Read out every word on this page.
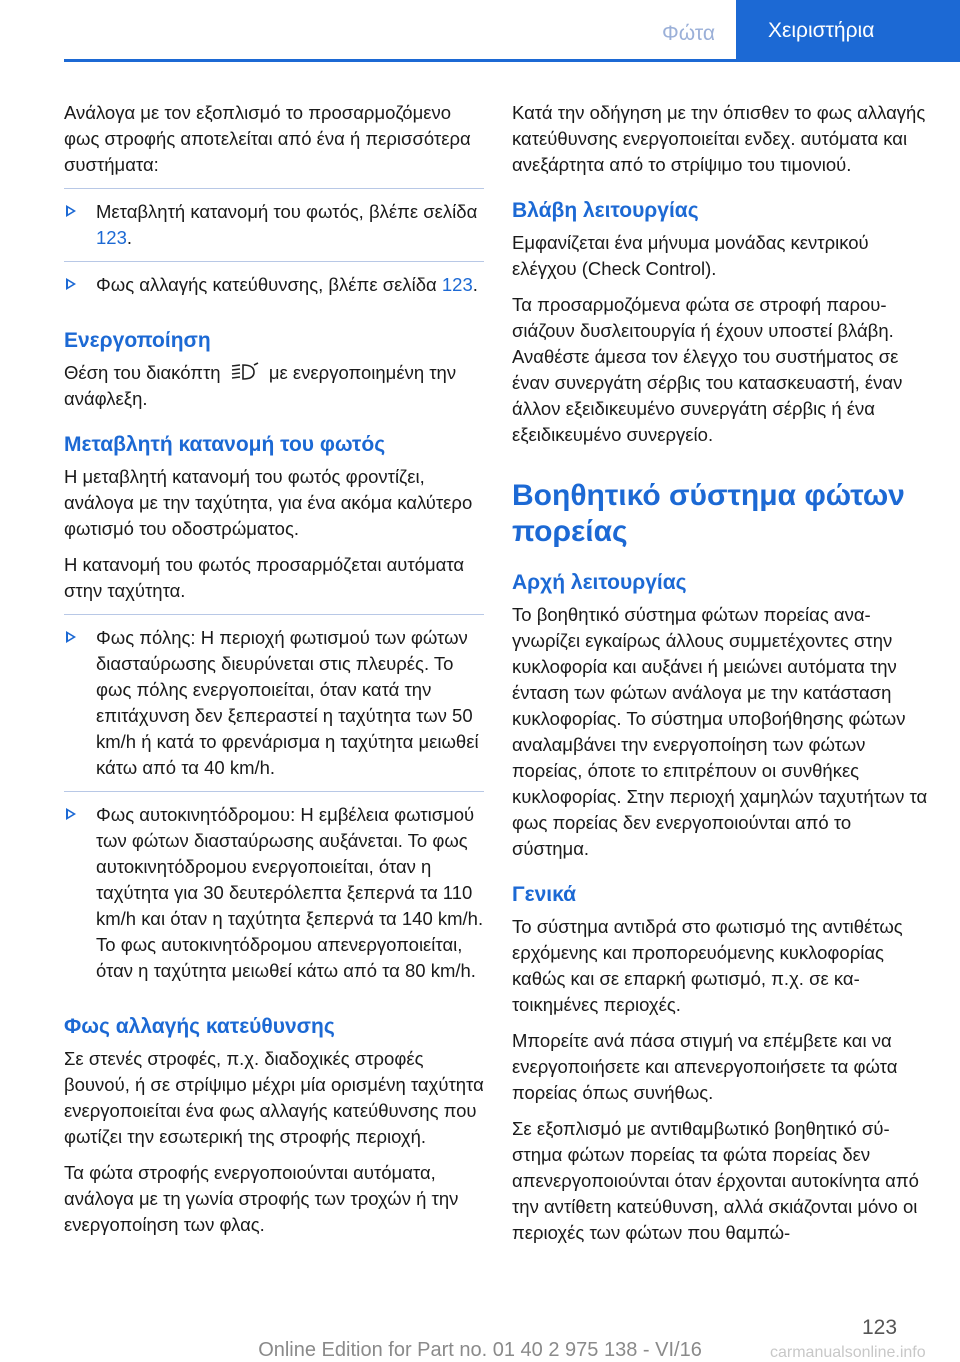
Φώτα	Χειριστήρια

Ανάλογα με τον εξοπλισμό το προσαρμοζόμενο φως στροφής αποτελείται από ένα ή περισσότερα συστήματα:

Μεταβλητή κατανομή του φωτός, βλέπε σελίδα 123.
Φως αλλαγής κατεύθυνσης, βλέπε σελίδα 123.
Ενεργοποίηση

Θέση του διακόπτη	με ενεργοποιημένη την ανάφλεξη.

Μεταβλητή κατανομή του φωτός

Η μεταβλητή κατανομή του φωτός φροντίζει, ανάλογα με την ταχύτητα, για ένα ακόμα καλύτερο φωτισμό του οδοστρώματος.

Η κατανομή του φωτός προσαρμόζεται αυτόματα στην ταχύτητα.

Φως πόλης: Η περιοχή φωτισμού των φώτων διασταύρωσης διευρύνεται στις πλευρές. Το φως πόλης ενεργοποιείται, όταν κατά την επιτάχυνση δεν ξεπεραστεί η ταχύτητα των 50 km/h ή κατά το φρενάρισμα η ταχύτητα μειωθεί κάτω από τα 40 km/h.
Φως αυτοκινητόδρομου: Η εμβέλεια φωτισμού των φώτων διασταύρωσης αυξάνεται. Το φως αυτοκινητόδρομου ενεργοποιείται, όταν η ταχύτητα για 30 δευτερόλεπτα ξεπερνά τα 110 km/h και όταν η ταχύτητα ξεπερνά τα 140 km/h. Το φως αυτοκινητόδρομου απενεργοποιείται, όταν η ταχύτητα μειωθεί κάτω από τα 80 km/h.
Φως αλλαγής κατεύθυνσης

Σε στενές στροφές, π.χ. διαδοχικές στροφές βουνού, ή σε στρίψιμο μέχρι μία ορισμένη ταχύτητα ενεργοποιείται ένα φως αλλαγής κατεύθυνσης που φωτίζει την εσωτερική της στροφής περιοχή.

Τα φώτα στροφής ενεργοποιούνται αυτόματα, ανάλογα με τη γωνία στροφής των τροχών ή την ενεργοποίηση των φλας.

Κατά την οδήγηση με την όπισθεν το φως αλλαγής κατεύθυνσης ενεργοποιείται ενδεχ. αυτόματα και ανεξάρτητα από το στρίψιμο του τιμονιού.

Βλάβη λειτουργίας

Εμφανίζεται ένα μήνυμα μονάδας κεντρικού ελέγχου (Check Control).

Τα προσαρμοζόμενα φώτα σε στροφή παρουσιάζουν δυσλειτουργία ή έχουν υποστεί βλάβη. Αναθέστε άμεσα τον έλεγχο του συστήματος σε έναν συνεργάτη σέρβις του κατασκευαστή, έναν άλλον εξειδικευμένο συνεργάτη σέρβις ή ένα εξειδικευμένο συνεργείο.

Βοηθητικό σύστημα φώτων πορείας
Αρχή λειτουργίας

Το βοηθητικό σύστημα φώτων πορείας αναγνωρίζει εγκαίρως άλλους συμμετέχοντες στην κυκλοφορία και αυξάνει ή μειώνει αυτόματα την ένταση των φώτων ανάλογα με την κατάσταση κυκλοφορίας. Το σύστημα υποβοήθησης φώτων αναλαμβάνει την ενεργοποίηση των φώτων πορείας, όποτε το επιτρέπουν οι συνθήκες κυκλοφορίας. Στην περιοχή χαμηλών ταχυτήτων τα φως πορείας δεν ενεργοποιούνται από το σύστημα.

Γενικά

Το σύστημα αντιδρά στο φωτισμό της αντιθέτως ερχόμενης και προπορευόμενης κυκλοφορίας καθώς και σε επαρκή φωτισμό, π.χ. σε κατοικημένες περιοχές.

Μπορείτε ανά πάσα στιγμή να επέμβετε και να ενεργοποιήσετε και απενεργοποιήσετε τα φώτα πορείας όπως συνήθως.

Σε εξοπλισμό με αντιθαμβωτικό βοηθητικό σύστημα φώτων πορείας τα φώτα πορείας δεν απενεργοποιούνται όταν έρχονται αυτοκίνητα από την αντίθετη κατεύθυνση, αλλά σκιάζονται μόνο οι περιοχές των φώτων που θαμπώ-

123
Online Edition for Part no. 01 40 2 975 138 - VI/16	carmanualsonline.info
